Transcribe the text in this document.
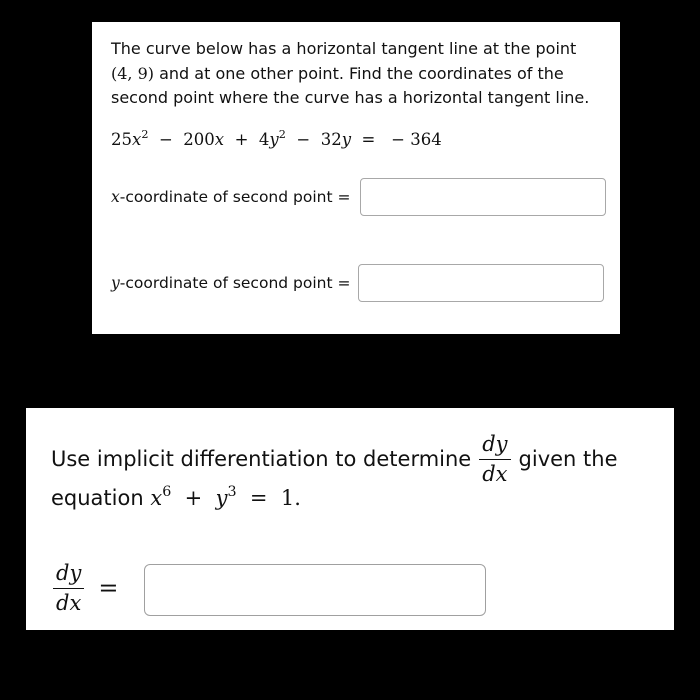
The curve below has a horizontal tangent line at the point
(4, 9) and at one other point. Find the coordinates of the
second point where the curve has a horizontal tangent line.
$25x^2 - 200x + 4y^2 - 32y$ = − 364
x -coordinate of second point =
y -coordinate of second point =
Use implicit differentiation to determine $\frac{dy}{dx}$ given the
equation $x^6 + y^3 = 1$.
$\frac{dy}{dx}$ =
